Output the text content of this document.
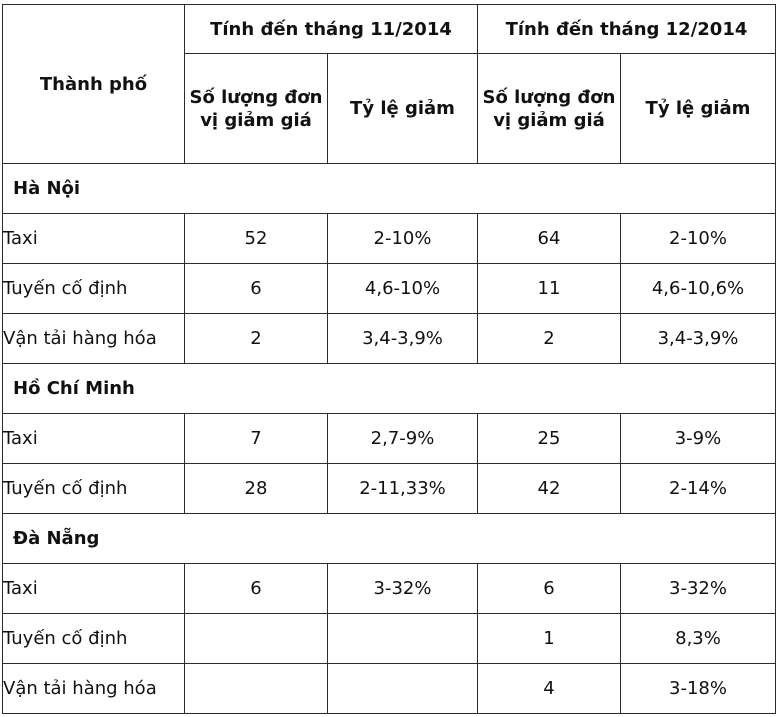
Thành phố	Tính đến tháng 11/2014		Tính đến tháng 12/2014	
	Số lượng đơn vị giảm giá	Tỷ lệ giảm	Số lượng đơn vị giảm giá	Tỷ lệ giảm
Hà Nội				
Taxi	52	2-10%	64	2-10%
Tuyến cố định	6	4,6-10%	11	4,6-10,6%
Vận tải hàng hóa	2	3,4-3,9%	2	3,4-3,9%
Hồ Chí Minh				
Taxi	7	2,7-9%	25	3-9%
Tuyến cố định	28	2-11,33%	42	2-14%
Đà Nẵng				
Taxi	6	3-32%	6	3-32%
Tuyến cố định			1	8,3%
Vận tải hàng hóa			4	3-18%
